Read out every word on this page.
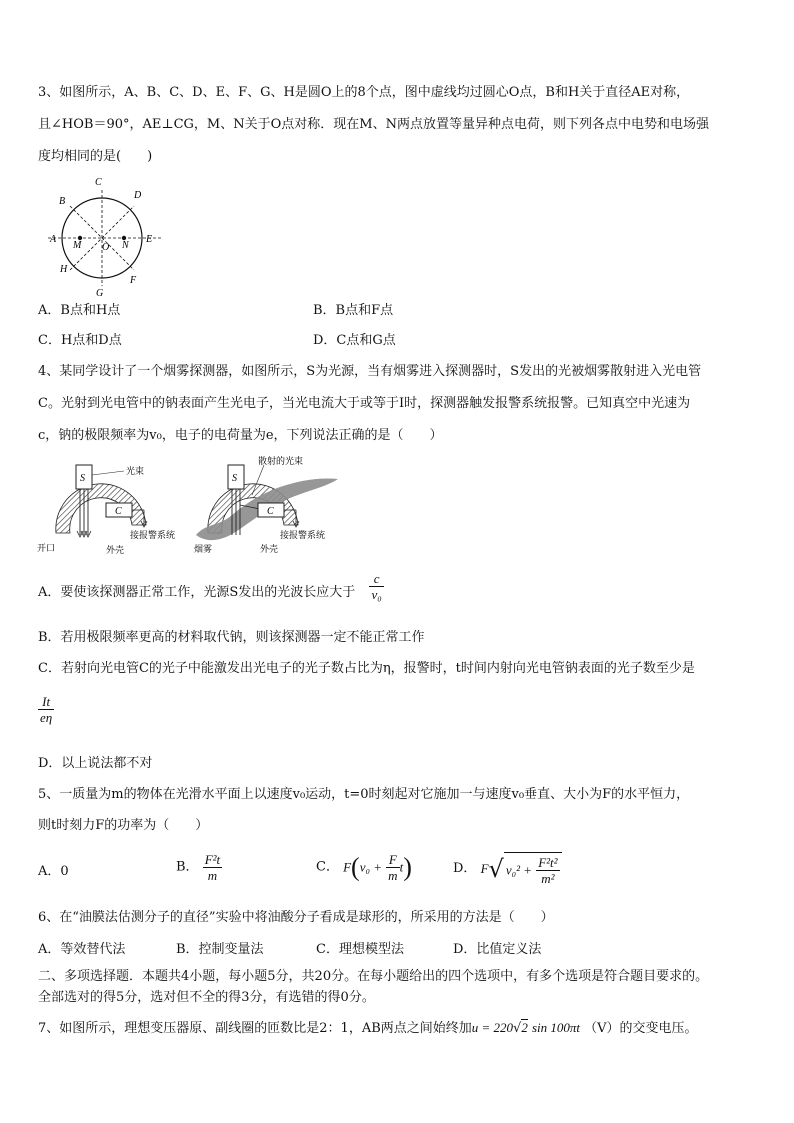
3、如图所示，A、B、C、D、E、F、G、H是圆O上的8个点，图中虚线均过圆心O点，B和H关于直径AE对称，
且∠HOB＝90°，AE⊥CG，M、N关于O点对称．现在M、N两点放置等量异种点电荷，则下列各点中电势和电场强
度均相同的是(　　)
C
D
B
A	E
M	N
O
H
F
G
A．B点和H点	B．B点和F点
C．H点和D点	D．C点和G点
4、某同学设计了一个烟雾探测器，如图所示，S为光源，当有烟雾进入探测器时，S发出的光被烟雾散射进入光电管
C。光射到光电管中的钠表面产生光电子，当光电流大于或等于I时，探测器触发报警系统报警。已知真空中光速为
c，钠的极限频率为v₀，电子的电荷量为e，下列说法正确的是（　　）
S
光束
C
接报警系统
开口	外壳
S
散射的光束
C
接报警系统
烟雾	外壳
A．要使该探测器正常工作，光源S发出的光波长应大于 $\frac{c}{\text{v₀}}$
B．若用极限频率更高的材料取代钠，则该探测器一定不能正常工作
C．若射向光电管C的光子中能激发出光电子的光子数占比为η，报警时，t时间内射向光电管钠表面的光子数至少是
$\frac{It}{e\eta}$
D．以上说法都不对
5、一质量为m的物体在光滑水平面上以速度v₀运动，t=0时刻起对它施加一与速度v₀垂直、大小为F的水平恒力，
则t时刻力F的功率为（　　）
A．0	B． $\frac{\text{F²t}}{m}$	C． $F(v_0 + \frac{F}{m} t)$	D． F√ $v_0^2 + \frac{\text{F²t²}}{\text{m²}}$
6、在“油膜法估测分子的直径”实验中将油酸分子看成是球形的，所采用的方法是（　　）
A．等效替代法	B．控制变量法	C．理想模型法	D．比值定义法
二、多项选择题．本题共4小题，每小题5分，共20分。在每小题给出的四个选项中，有多个选项是符合题目要求的。
全部选对的得5分，选对但不全的得3分，有选错的得0分。
7、如图所示，理想变压器原、副线圈的匝数比是2：1，AB两点之间始终加u = 220√2 sin 100πt （V）的交变电压。
